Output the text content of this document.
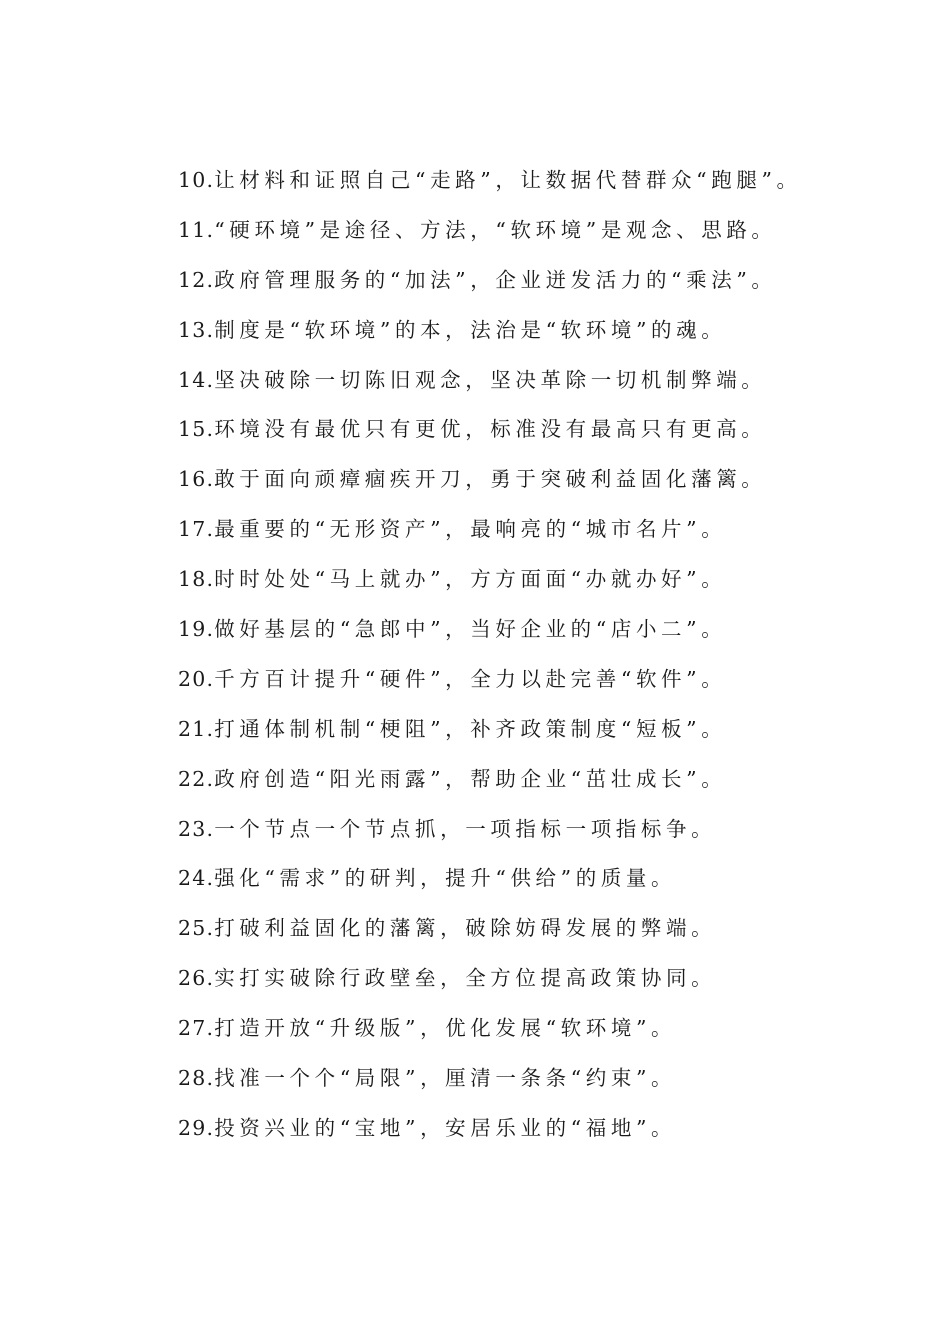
10.让材料和证照自己“走路”，让数据代替群众“跑腿”。
11.“硬环境”是途径、方法，“软环境”是观念、思路。
12.政府管理服务的“加法”，企业迸发活力的“乘法”。
13.制度是“软环境”的本，法治是“软环境”的魂。
14.坚决破除一切陈旧观念，坚决革除一切机制弊端。
15.环境没有最优只有更优，标准没有最高只有更高。
16.敢于面向顽瘴痼疾开刀，勇于突破利益固化藩篱。
17.最重要的“无形资产”，最响亮的“城市名片”。
18.时时处处“马上就办”，方方面面“办就办好”。
19.做好基层的“急郎中”，当好企业的“店小二”。
20.千方百计提升“硬件”，全力以赴完善“软件”。
21.打通体制机制“梗阻”，补齐政策制度“短板”。
22.政府创造“阳光雨露”，帮助企业“茁壮成长”。
23.一个节点一个节点抓，一项指标一项指标争。
24.强化“需求”的研判，提升“供给”的质量。
25.打破利益固化的藩篱，破除妨碍发展的弊端。
26.实打实破除行政壁垒，全方位提高政策协同。
27.打造开放“升级版”，优化发展“软环境”。
28.找准一个个“局限”，厘清一条条“约束”。
29.投资兴业的“宝地”，安居乐业的“福地”。
